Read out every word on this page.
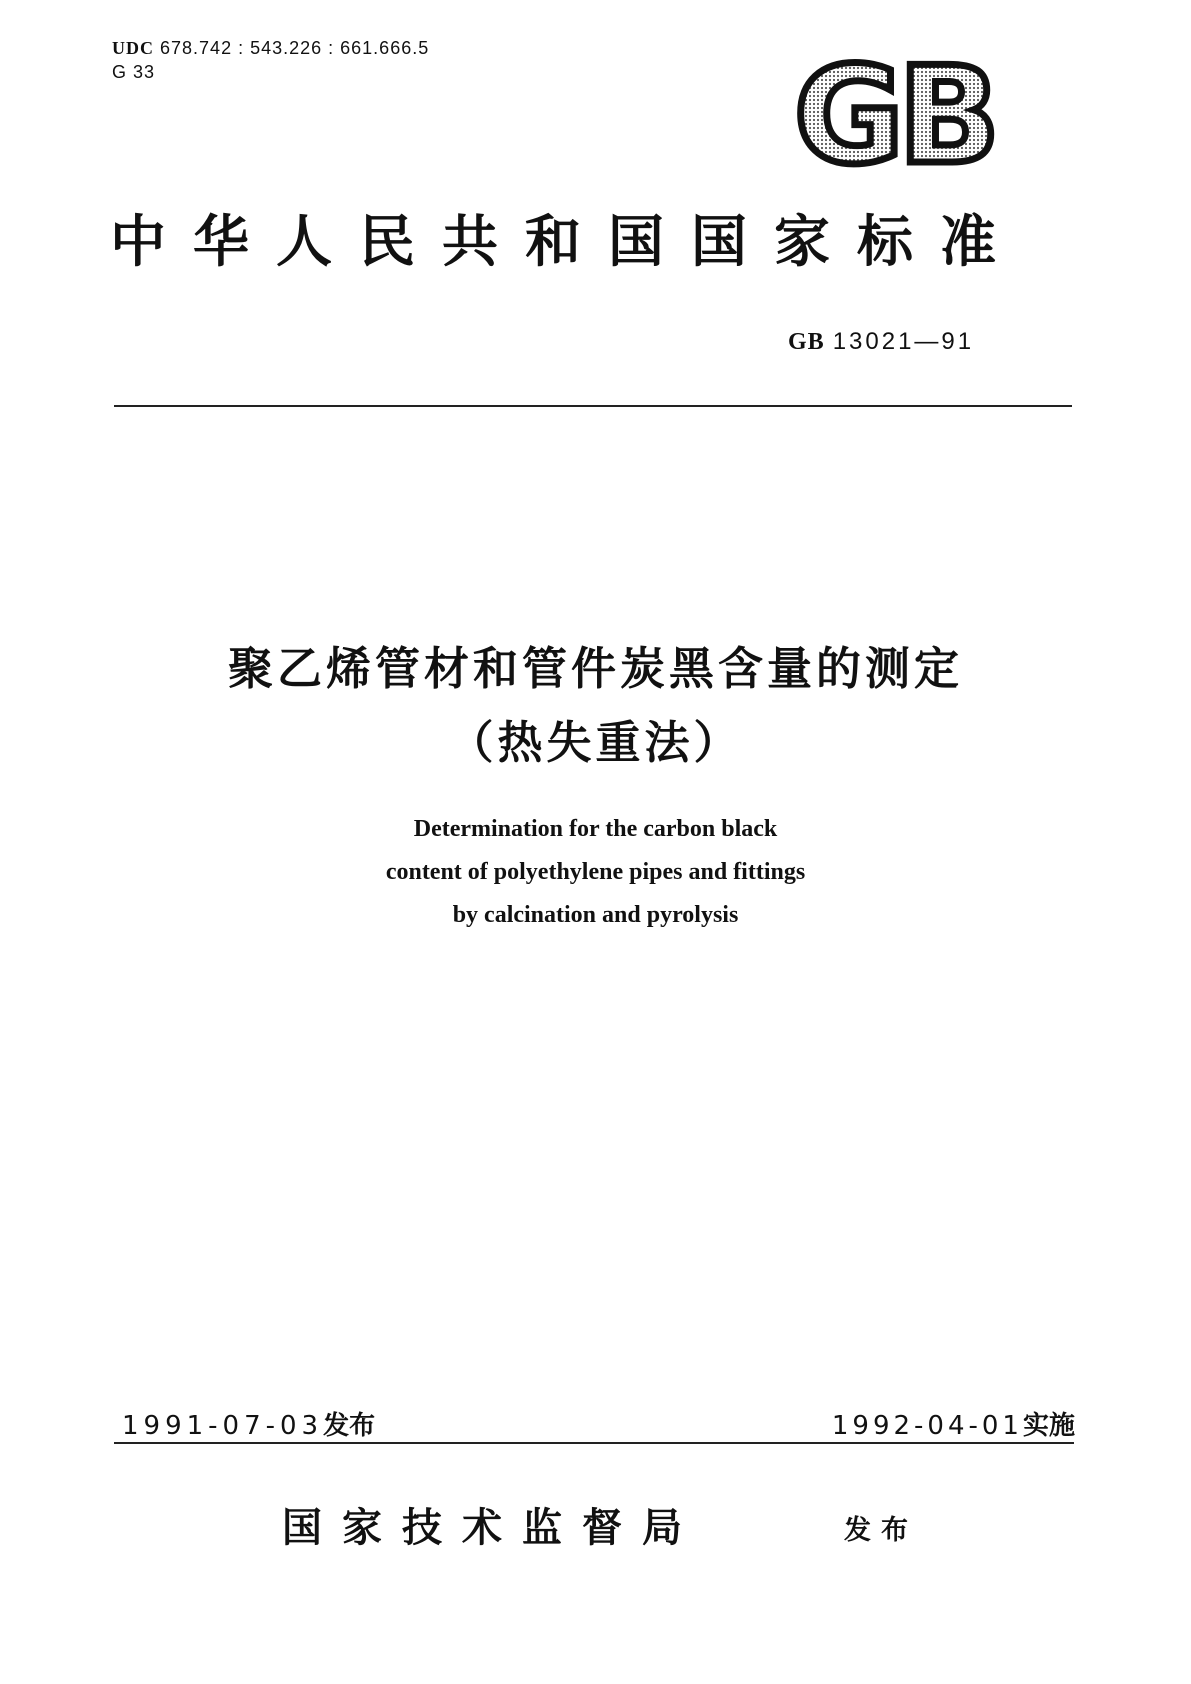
UDC 678.742 : 543.226 : 661.666.5
G 33	GB
中华人民共和国国家标准
GB 13021—91
聚乙烯管材和管件炭黑含量的测定
（热失重法）
Determination for the carbon black
content of polyethylene pipes and fittings
by calcination and pyrolysis
1991-07-03发布	1992-04-01实施
国家技术监督局	发布
